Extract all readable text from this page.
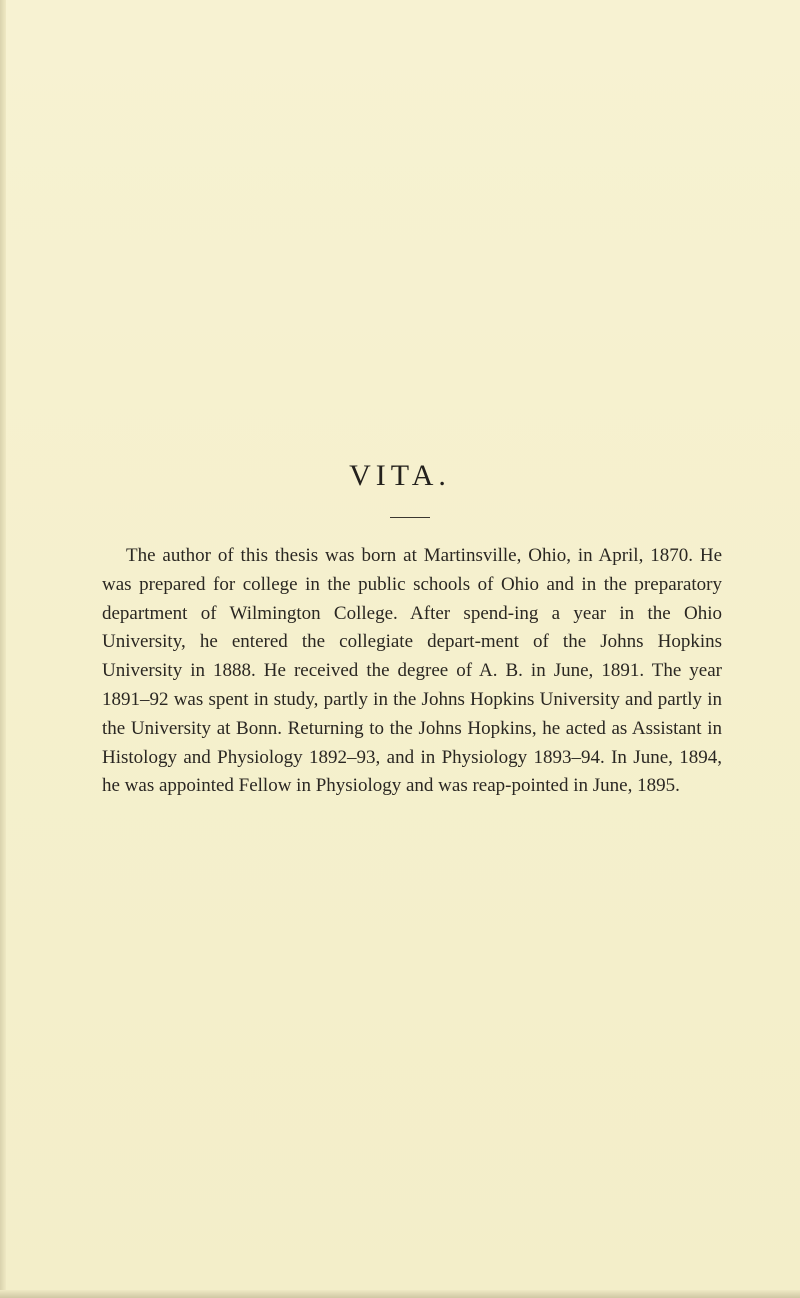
VITA.

The author of this thesis was born at Martinsville, Ohio, in April, 1870. He was prepared for college in the public schools of Ohio and in the preparatory department of Wilmington College. After spend-ing a year in the Ohio University, he entered the collegiate depart-ment of the Johns Hopkins University in 1888. He received the degree of A. B. in June, 1891. The year 1891–92 was spent in study, partly in the Johns Hopkins University and partly in the University at Bonn. Returning to the Johns Hopkins, he acted as Assistant in Histology and Physiology 1892–93, and in Physiology 1893–94. In June, 1894, he was appointed Fellow in Physiology and was reap-pointed in June, 1895.
